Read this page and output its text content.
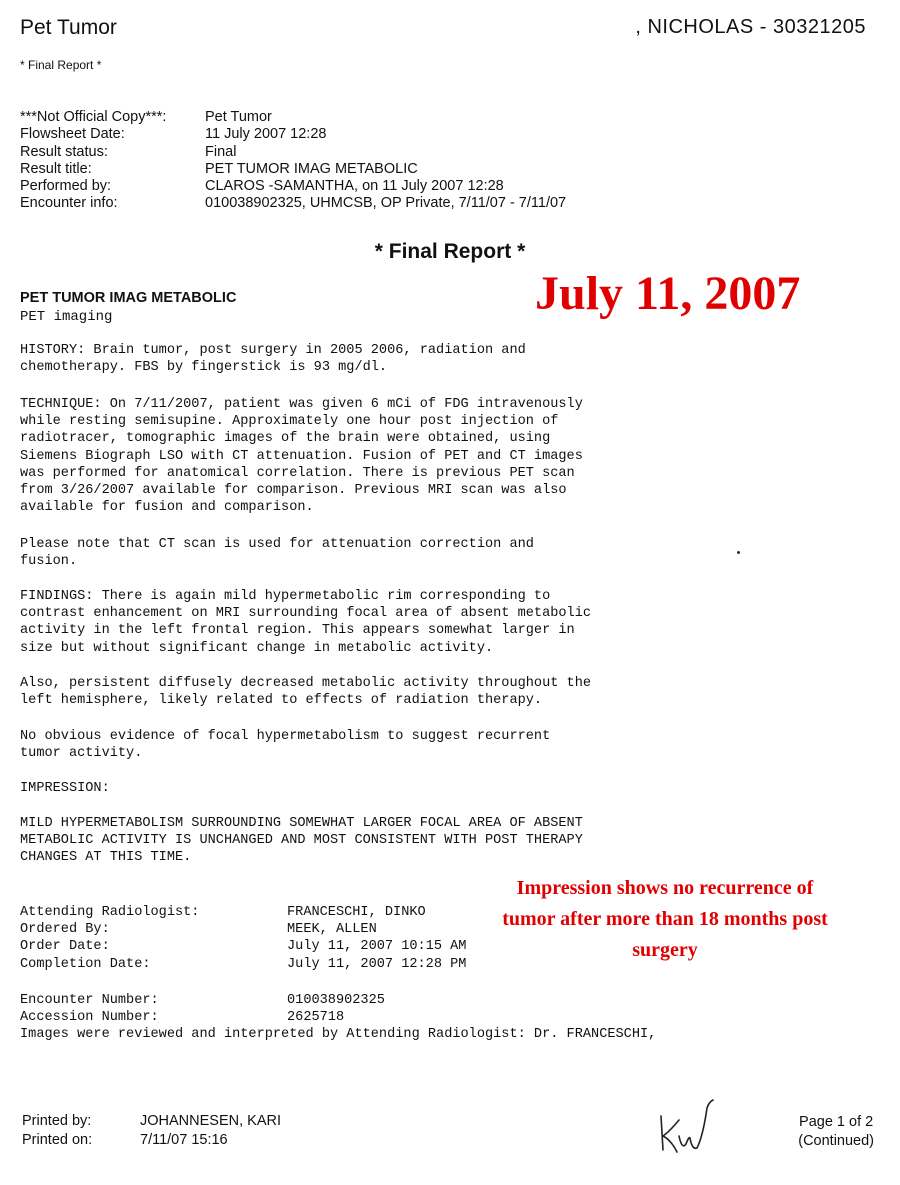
Pet Tumor	, NICHOLAS - 30321205
* Final Report *
***Not Official Copy***:	Pet Tumor
Flowsheet Date:	11 July 2007 12:28
Result status:	Final
Result title:	PET TUMOR IMAG METABOLIC
Performed by:	CLAROS -SAMANTHA, on 11 July 2007 12:28
Encounter info:	010038902325, UHMCSB, OP Private, 7/11/07 - 7/11/07
* Final Report *
July 11, 2007
PET TUMOR IMAG METABOLIC
PET imaging
HISTORY: Brain tumor, post surgery in 2005 2006, radiation and
chemotherapy. FBS by fingerstick is 93 mg/dl.
TECHNIQUE: On 7/11/2007, patient was given 6 mCi of FDG intravenously
while resting semisupine. Approximately one hour post injection of
radiotracer, tomographic images of the brain were obtained, using
Siemens Biograph LSO with CT attenuation. Fusion of PET and CT images
was performed for anatomical correlation. There is previous PET scan
from 3/26/2007 available for comparison. Previous MRI scan was also
available for fusion and comparison.
Please note that CT scan is used for attenuation correction and
fusion.
FINDINGS: There is again mild hypermetabolic rim corresponding to
contrast enhancement on MRI surrounding focal area of absent metabolic
activity in the left frontal region. This appears somewhat larger in
size but without significant change in metabolic activity.
Also, persistent diffusely decreased metabolic activity throughout the
left hemisphere, likely related to effects of radiation therapy.
No obvious evidence of focal hypermetabolism to suggest recurrent
tumor activity.
IMPRESSION:
MILD HYPERMETABOLISM SURROUNDING SOMEWHAT LARGER FOCAL AREA OF ABSENT
METABOLIC ACTIVITY IS UNCHANGED AND MOST CONSISTENT WITH POST THERAPY
CHANGES AT THIS TIME.
Attending Radiologist:	FRANCESCHI, DINKO
Ordered By:	MEEK, ALLEN
Order Date:	July 11, 2007 10:15 AM
Completion Date:	July 11, 2007 12:28 PM
Encounter Number:	010038902325
Accession Number:	2625718
Images were reviewed and interpreted by Attending Radiologist: Dr. FRANCESCHI,
Impression shows no recurrence of tumor after more than 18 months post surgery
Printed by:	JOHANNESEN, KARI
Printed on:	7/11/07 15:16
Page 1 of 2
(Continued)
